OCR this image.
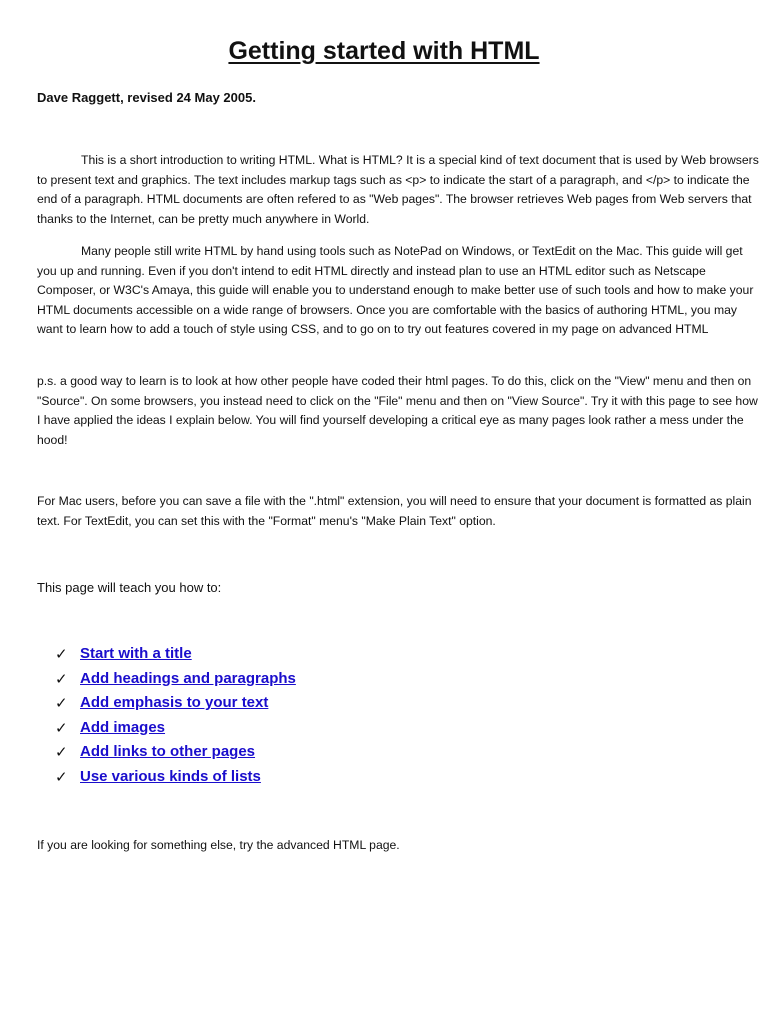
Getting started with HTML
Dave Raggett, revised 24 May 2005.

This is a short introduction to writing HTML. What is HTML? It is a special kind of text document that is used by Web browsers to present text and graphics. The text includes markup tags such as <p> to indicate the start of a paragraph, and </p> to indicate the end of a paragraph. HTML documents are often refered to as "Web pages". The browser retrieves Web pages from Web servers that thanks to the Internet, can be pretty much anywhere in World.

Many people still write HTML by hand using tools such as NotePad on Windows, or TextEdit on the Mac. This guide will get you up and running. Even if you don't intend to edit HTML directly and instead plan to use an HTML editor such as Netscape Composer, or W3C's Amaya, this guide will enable you to understand enough to make better use of such tools and how to make your HTML documents accessible on a wide range of browsers. Once you are comfortable with the basics of authoring HTML, you may want to learn how to add a touch of style using CSS, and to go on to try out features covered in my page on advanced HTML

p.s. a good way to learn is to look at how other people have coded their html pages. To do this, click on the "View" menu and then on "Source". On some browsers, you instead need to click on the "File" menu and then on "View Source". Try it with this page to see how I have applied the ideas I explain below. You will find yourself developing a critical eye as many pages look rather a mess under the hood!

For Mac users, before you can save a file with the ".html" extension, you will need to ensure that your document is formatted as plain text. For TextEdit, you can set this with the "Format" menu's "Make Plain Text" option.

This page will teach you how to:

✓ Start with a title
✓ Add headings and paragraphs
✓ Add emphasis to your text
✓ Add images
✓ Add links to other pages
✓ Use various kinds of lists

If you are looking for something else, try the advanced HTML page.
